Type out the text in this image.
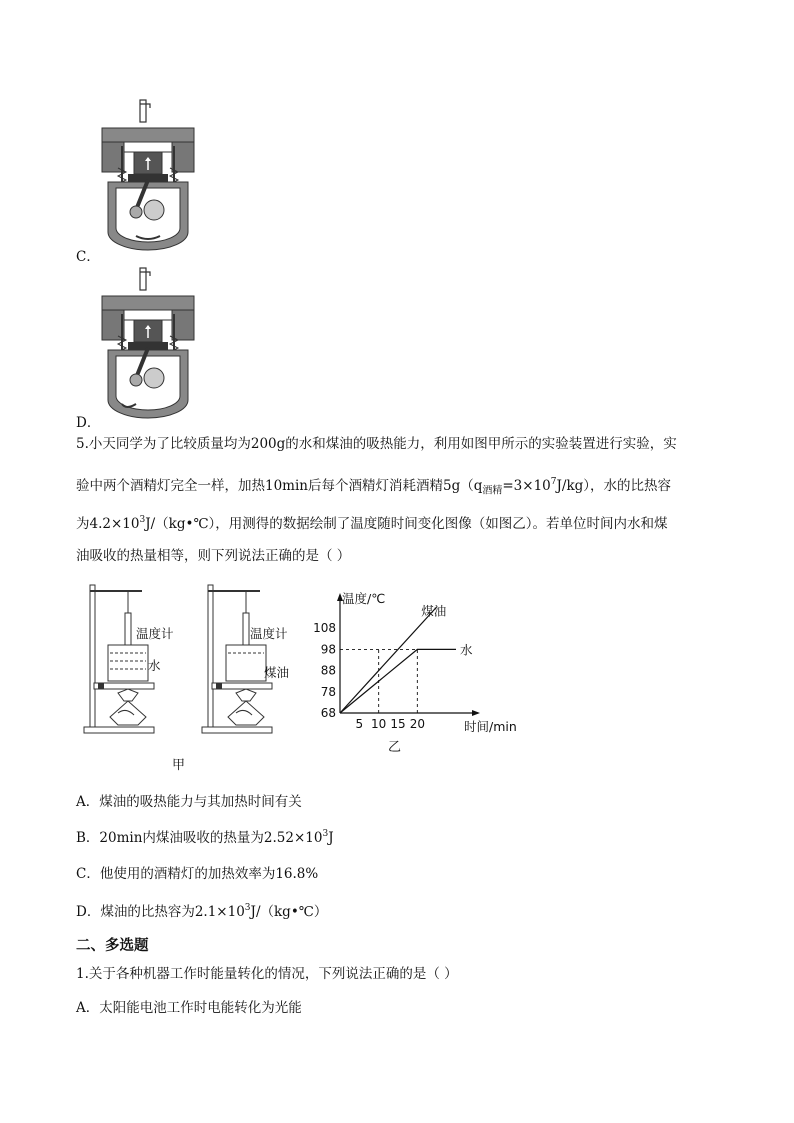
C．
D．
5.小天同学为了比较质量均为200g的水和煤油的吸热能力，利用如图甲所示的实验装置进行实验，实
验中两个酒精灯完全一样，加热10min后每个酒精灯消耗酒精$5g(q_{酒精}=3\times 10^7J/kg)$，水的比热容
为$4.2\times 10^3J/(kg•℃)$，用测得的数据绘制了温度随时间变化图像（如图乙）。若单位时间内水和煤
油吸收的热量相等，则下列说法正确的是（ ）
温度计
水
温度计
煤油
甲
5 10 15 20
68
78
88
98
108
温度/℃
时间/min
煤油
水
乙
A．煤油的吸热能力与其加热时间有关
B．20min内煤油吸收的热量为$2.52\times 10^3J$
C．他使用的酒精灯的加热效率为16.8%
D．煤油的比热容为$2.1\times 10^3J/(kg•℃)$
二、多选题
1.关于各种机器工作时能量转化的情况，下列说法正确的是（ ）
A．太阳能电池工作时电能转化为光能
